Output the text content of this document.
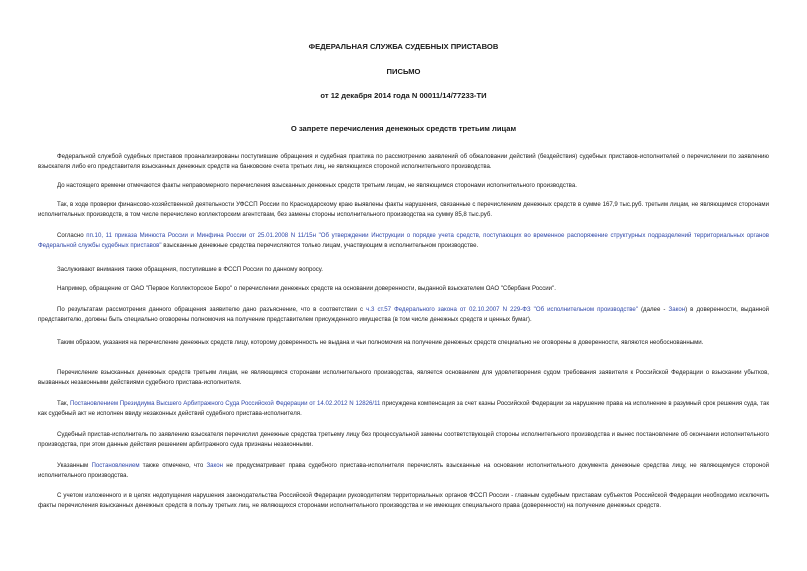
ФЕДЕРАЛЬНАЯ СЛУЖБА СУДЕБНЫХ ПРИСТАВОВ
ПИСЬМО
от 12 декабря 2014 года N 00011/14/77233-ТИ
О запрете перечисления денежных средств третьим лицам

Федеральной службой судебных приставов проанализированы поступившие обращения и судебная практика по рассмотрению заявлений об обжаловании действий (бездействия) судебных приставов-исполнителей о перечислении по заявлению взыскателя либо его представителя взысканных денежных средств на банковские счета третьих лиц, не являющихся стороной исполнительного производства.

До настоящего времени отмечаются факты неправомерного перечисления взысканных денежных средств третьим лицам, не являющимся сторонами исполнительного производства.

Так, в ходе проверки финансово-хозяйственной деятельности УФССП России по Краснодарскому краю выявлены факты нарушения, связанные с перечислением денежных средств в сумме 167,9 тыс.руб. третьим лицам, не являющимся сторонами исполнительных производств, в том числе перечислено коллекторским агентствам, без замены стороны исполнительного производства на сумму 85,8 тыс.руб.

Согласно пп.10, 11 приказа Минюста России и Минфина России от 25.01.2008 N 11/15н "Об утверждении Инструкции о порядке учета средств, поступающих во временное распоряжение структурных подразделений территориальных органов Федеральной службы судебных приставов" взысканные денежные средства перечисляются только лицам, участвующим в исполнительном производстве.

Заслуживают внимания также обращения, поступившие в ФССП России по данному вопросу.

Например, обращение от ОАО "Первое Коллекторское Бюро" о перечислении денежных средств на основании доверенности, выданной взыскателем ОАО "Сбербанк России".

По результатам рассмотрения данного обращения заявителю дано разъяснение, что в соответствии с ч.3 ст.57 Федерального закона от 02.10.2007 N 229-ФЗ "Об исполнительном производстве" (далее - Закон) в доверенности, выданной представителю, должны быть специально оговорены полномочия на получение представителем присужденного имущества (в том числе денежных средств и ценных бумаг).

Таким образом, указания на перечисление денежных средств лицу, которому доверенность не выдана и чьи полномочия на получение денежных средств специально не оговорены в доверенности, являются необоснованными.

Перечисление взысканных денежных средств третьим лицам, не являющимся сторонами исполнительного производства, является основанием для удовлетворения судом требования заявителя к Российской Федерации о взыскании убытков, вызванных незаконными действиями судебного пристава-исполнителя.

Так, Постановлением Президиума Высшего Арбитражного Суда Российской Федерации от 14.02.2012 N 12826/11 присуждена компенсация за счет казны Российской Федерации за нарушение права на исполнение в разумный срок решения суда, так как судебный акт не исполнен ввиду незаконных действий судебного пристава-исполнителя.

Судебный пристав-исполнитель по заявлению взыскателя перечислил денежные средства третьему лицу без процессуальной замены соответствующей стороны исполнительного производства и вынес постановление об окончании исполнительного производства, при этом данные действия решением арбитражного суда признаны незаконными.

Указанным Постановлением также отмечено, что Закон не предусматривает права судебного пристава-исполнителя перечислять взысканные на основании исполнительного документа денежные средства лицу, не являющемуся стороной исполнительного производства.

С учетом изложенного и в целях недопущения нарушения законодательства Российской Федерации руководителям территориальных органов ФССП России - главным судебным приставам субъектов Российской Федерации необходимо исключить факты перечисления взысканных денежных средств в пользу третьих лиц, не являющихся сторонами исполнительного производства и не имеющих специального права (доверенности) на получение денежных средств.
